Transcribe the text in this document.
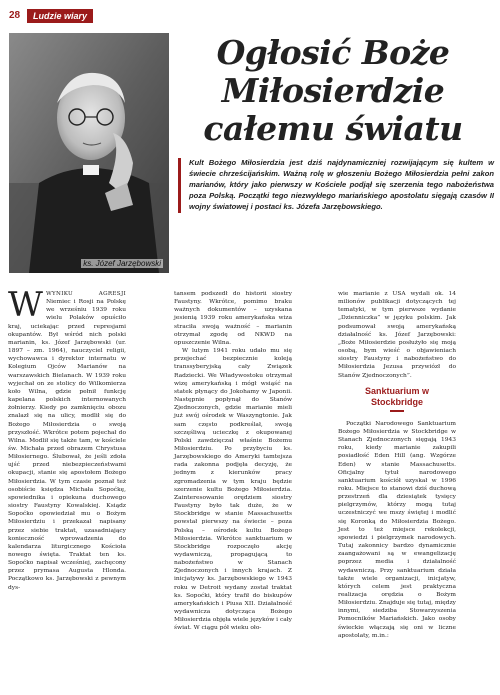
28	Ludzie wiary
ks. Józef Jarzębowski
Ogłosić Boże
Miłosierdzie
całemu światu
Kult Bożego Miłosierdzia jest dziś najdynamiczniej rozwijającym się kultem w świecie chrześcijańskim. Ważną rolę w głoszeniu Bożego Miłosierdzia pełni zakon marianów, który jako pierwszy w Kościele podjął się szerzenia tego nabożeństwa poza Polską. Początki tego niezwykłego mariańskiego apostolatu sięgają czasów II wojny światowej i postaci ks. Józefa Jarzębowskiego.

WWYNIKU AGRESJI Niemiec i Rosji na Polskę we wrześniu 1939 roku wielu Polaków opuściło kraj, uciekając przed represjami okupantów. Był wśród nich polski marianin, ks. Józef Jarzębowski (ur. 1897 – zm. 1964), nauczyciel religii, wychowawca i dyrektor internatu w Kolegium Ojców Marianów na warszawskich Bielanach. W 1939 roku wyjechał on ze stolicy do Wilkomierza koło Wilna, gdzie pełnił funkcję kapelana polskich internowanych żołnierzy. Kiedy po zamknięciu obozu znalazł się na ulicy, modlił się do Bożego Miłosierdzia o swoją przyszłość. Wkrótce potem pojechał do Wilna. Modlił się także tam, w kościele św. Michała przed obrazem Chrystusa Miłosiernego. Ślubował, że jeśli zdoła ujść przed niebezpieczeństwami okupacji, stanie się apostołem Bożego Miłosierdzia. W tym czasie poznał też osobiście księdza Michała Sopoćkę, spowiednika i opiekuna duchowego siostry Faustyny Kowalskiej. Ksiądz Sopoćko opowiedział mu o Bożym Miłosierdziu i przekazał napisany przez siebie traktat, uzasadniający konieczność wprowadzenia do kalendarza liturgicznego Kościoła nowego święta. Traktat ten ks. Sopoćko napisał wcześniej, zachęcony przez prymasa Augusta Hlonda. Początkowo ks. Jarzębowski z pewnym dys-

tansem podszedł do historii siostry Faustyny. Wkrótce, pomimo braku ważnych dokumentów – uzyskana jesienią 1939 roku amerykańska wiza straciła swoją ważność – marianin otrzymał zgodę od NKWD na opuszczenie Wilna.

W lutym 1941 roku udało mu się przejechać bezpiecznie koleją transsyberyjską cały Związek Radziecki. We Władywostoku otrzymał wizę amerykańską i mógł wsiąść na statek płynący do Jokohamy w Japonii. Następnie popłynął do Stanów Zjednoczonych, gdzie marianie mieli już swój ośrodek w Waszyngtonie. Jak sam często podkreślał, swoją szczęśliwą ucieczkę z okupowanej Polski zawdzięczał właśnie Bożemu Miłosierdziu. Po przybyciu ks. Jarzębowskiego do Ameryki tamtejsza rada zakonna podjęła decyzję, że jednym z kierunków pracy zgromadzenia w tym kraju będzie szerzenie kultu Bożego Miłosierdzia. Zainteresowanie orędziem siostry Faustyny było tak duże, że w Stockbridge w stanie Massachusetts powstał pierwszy na świecie – poza Polską – ośrodek kultu Bożego Miłosierdzia. Wkrótce sanktuarium w Stockbridge rozpoczęło akcję wydawniczą, propagującą to nabożeństwo w Stanach Zjednoczonych i innych krajach. Z inicjatywy ks. Jarzębowskiego w 1943 roku w Detroit wydany został traktat ks. Sopoćki, który trafił do biskupów amerykańskich i Piusa XII. Działalność wydawnicza dotycząca Bożego Miłosierdzia objęła wiele języków i cały świat. W ciągu pół wieku oło-

wie marianie z USA wydali ok. 14 milionów publikacji dotyczących tej tematyki, w tym pierwsze wydanie „Dzienniczka” w języku polskim. Jak podsumował swoją amerykańską działalność ks. Józef Jarzębowski: „Boże Miłosierdzie posłużyło się moją osobą, bym wieść o objawieniach siostry Faustyny i nabożeństwo do Miłosierdzia Jezusa przywiózł do Stanów Zjednoczonych”.

Sanktuarium w Stockbridge

Początki Narodowego Sanktuarium Bożego Miłosierdzia w Stockbridge w Stanach Zjednoczonych sięgają 1943 roku, kiedy marianie zakupili posiadłość Eden Hill (ang. Wzgórze Eden) w stanie Massachusetts. Oficjalny tytuł narodowego sanktuarium kościół uzyskał w 1996 roku. Miejsce to stanowi dziś duchową przestrzeń dla dziesiątek tysięcy pielgrzymów, którzy mogą tutaj uczestniczyć we mszy świętej i modlić się Koronką do Miłosierdzia Bożego. Jest to też miejsce rekolekcji, spowiedzi i pielgrzymek narodowych. Tutaj zakonnicy bardzo dynamicznie zaangażowani są w ewangelizację poprzez media i działalność wydawniczą. Przy sanktuarium działa także wiele organizacji, inicjatyw, których celem jest praktyczna realizacja orędzia o Bożym Miłosierdziu. Znajduje się tutaj, między innymi, siedziba Stowarzyszenia Pomocników Mariańskich. Jako osoby świeckie włączają się oni w liczne apostolaty, m.in.:
